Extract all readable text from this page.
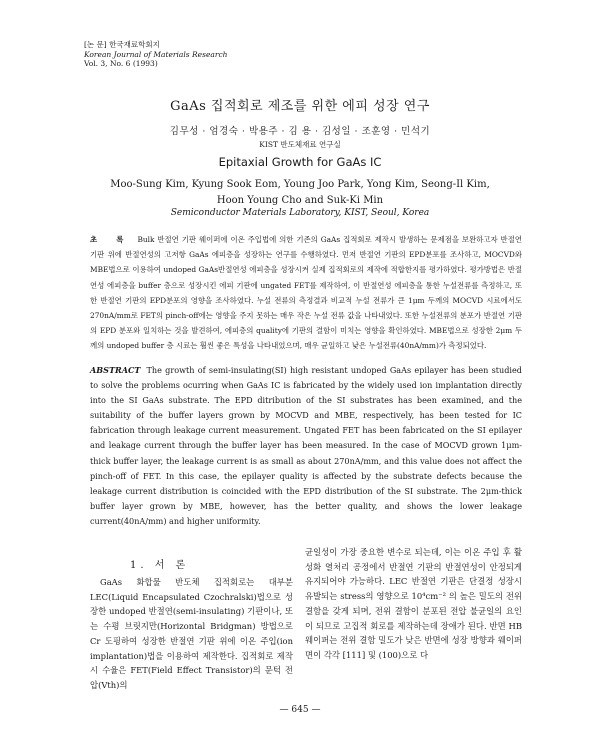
[논 문] 한국재료학회지
Korean Journal of Materials Research
Vol. 3, No. 6 (1993)
GaAs 집적회로 제조를 위한 에피 성장 연구
김무성 · 엄경숙 · 박용주 · 김 용 · 김성일 · 조훈영 · 민석기
KIST 반도체재료 연구실
Epitaxial Growth for GaAs IC
Moo-Sung Kim, Kyung Sook Eom, Young Joo Park, Yong Kim, Seong-Il Kim, Hoon Young Cho and Suk-Ki Min
Semiconductor Materials Laboratory, KIST, Seoul, Korea
초 록 Bulk 반절연 기판 웨이퍼에 이온 주입법에 의한 기존의 GaAs 집적회로 제작시 발생하는 문제점을 보완하고자 반절연 기판 위에 반절연성의 고저항 GaAs 에피층을 성장하는 연구를 수행하였다. 먼저 반절연 기판의 EPD분포를 조사하고, MOCVD와 MBE법으로 이용하여 undoped GaAs반절연성 에피층을 성장시켜 실제 집적회로의 제작에 적합한지를 평가하였다. 평가방법은 반절연성 에피층을 buffer 층으로 성장시킨 에피 기판에 ungated FET를 제작하여, 이 반절연성 에피층을 통한 누설전류를 측정하고, 또한 반절연 기판의 EPD분포의 영향을 조사하였다. 누설 전류의 측정결과 비교적 누설 전류가 큰 1μm 두께의 MOCVD 시료에서도 270nA/mm로 FET의 pinch-off에는 영향을 주지 못하는 매우 작은 누설 전류 값을 나타내었다. 또한 누설전류의 분포가 반절연 기판의 EPD 분포와 일치하는 것을 발견하여, 에피층의 quality에 기판의 결함이 미치는 영향을 확인하였다. MBE법으로 성장한 2μm 두께의 undoped buffer 층 시료는 훨씬 좋은 특성을 나타내었으며, 매우 균일하고 낮은 누설전류(40nA/mm)가 측정되었다.
ABSTRACT The growth of semi-insulating(SI) high resistant undoped GaAs epilayer has been studied to solve the problems ocurring when GaAs IC is fabricated by the widely used ion implantation directly into the SI GaAs substrate. The EPD ditribution of the SI substrates has been examined, and the suitability of the buffer layers grown by MOCVD and MBE, respectively, has been tested for IC fabrication through leakage current measurement. Ungated FET has been fabricated on the SI epilayer and leakage current through the buffer layer has been measured. In the case of MOCVD grown 1μm-thick buffer layer, the leakage current is as small as about 270nA/mm, and this value does not affect the pinch-off of FET. In this case, the epilayer quality is affected by the substrate defects because the leakage current distribution is coincided with the EPD distribution of the SI substrate. The 2μm-thick buffer layer grown by MBE, however, has the better quality, and shows the lower leakage current(40nA/mm) and higher uniformity.
1. 서 론
GaAs 화합물 반도체 집적회로는 대부분 LEC(Liquid Encapsulated Czochralski)법으로 성장한 undoped 반절연(semi-insulating) 기판이나, 또는 수평 브릿지만(Horizontal Bridgman) 방법으로 Cr 도핑하여 성장한 반절연 기판 위에 이온 주입(ion implantation)법을 이용하여 제작한다. 집적회로 제작시 수율은 FET(Field Effect Transistor)의 문턱 전압(Vth)의
균일성이 가장 중요한 변수로 되는데, 이는 이온 주입 후 활성화 열처리 공정에서 반절연 기판의 반절연성이 안정되게 유지되어야 가능하다. LEC 반절연 기판은 단결정 성장시 유발되는 stress의 영향으로 10⁴cm⁻² 의 높은 밀도의 전위 결함을 갖게 되며, 전위 결함이 분포된 전압 불균일의 요인이 되므로 고집적 회로를 제작하는데 장애가 된다. 반면 HB 웨이퍼는 전위 결함 밀도가 낮은 반면에 성장 방향과 웨이퍼 면이 각각 [111] 및 (100)으로 다
— 645 —
